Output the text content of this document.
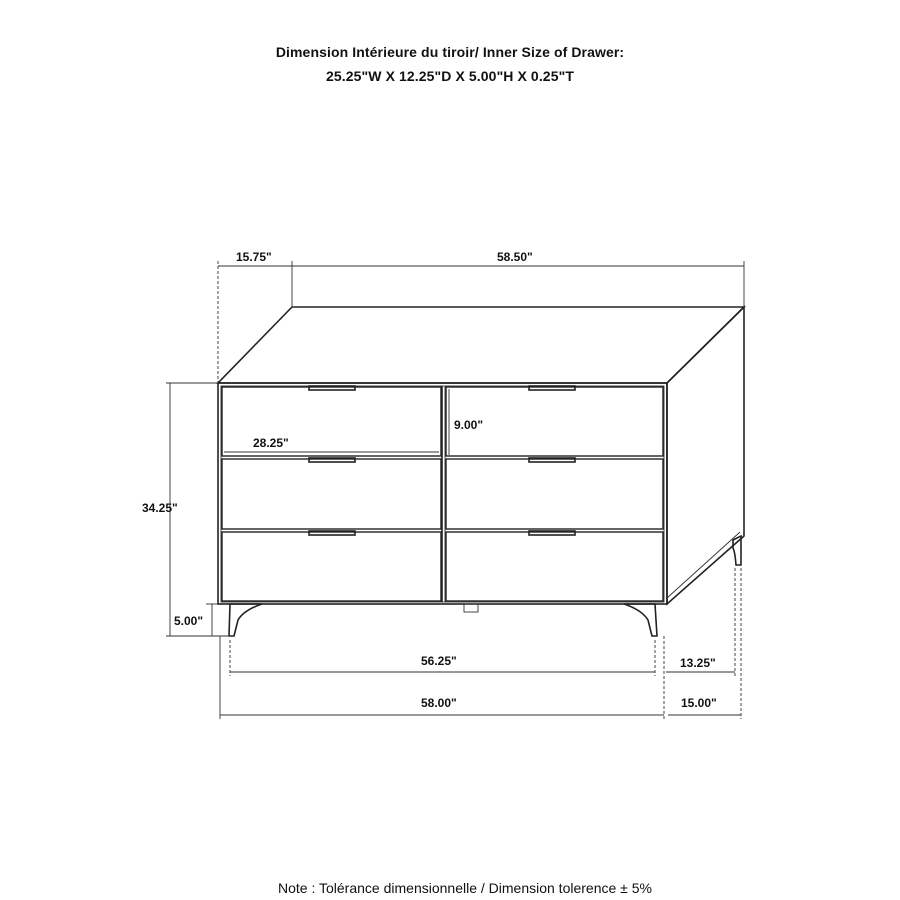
Dimension Intérieure du tiroir/ Inner Size of Drawer:
25.25"W X 12.25"D X 5.00"H X 0.25"T
15.75"	58.50"
34.25"
5.00"
28.25"
9.00"
56.25"
58.00"
13.25"
15.00"
Note : Tolérance dimensionnelle / Dimension tolerence ± 5%
